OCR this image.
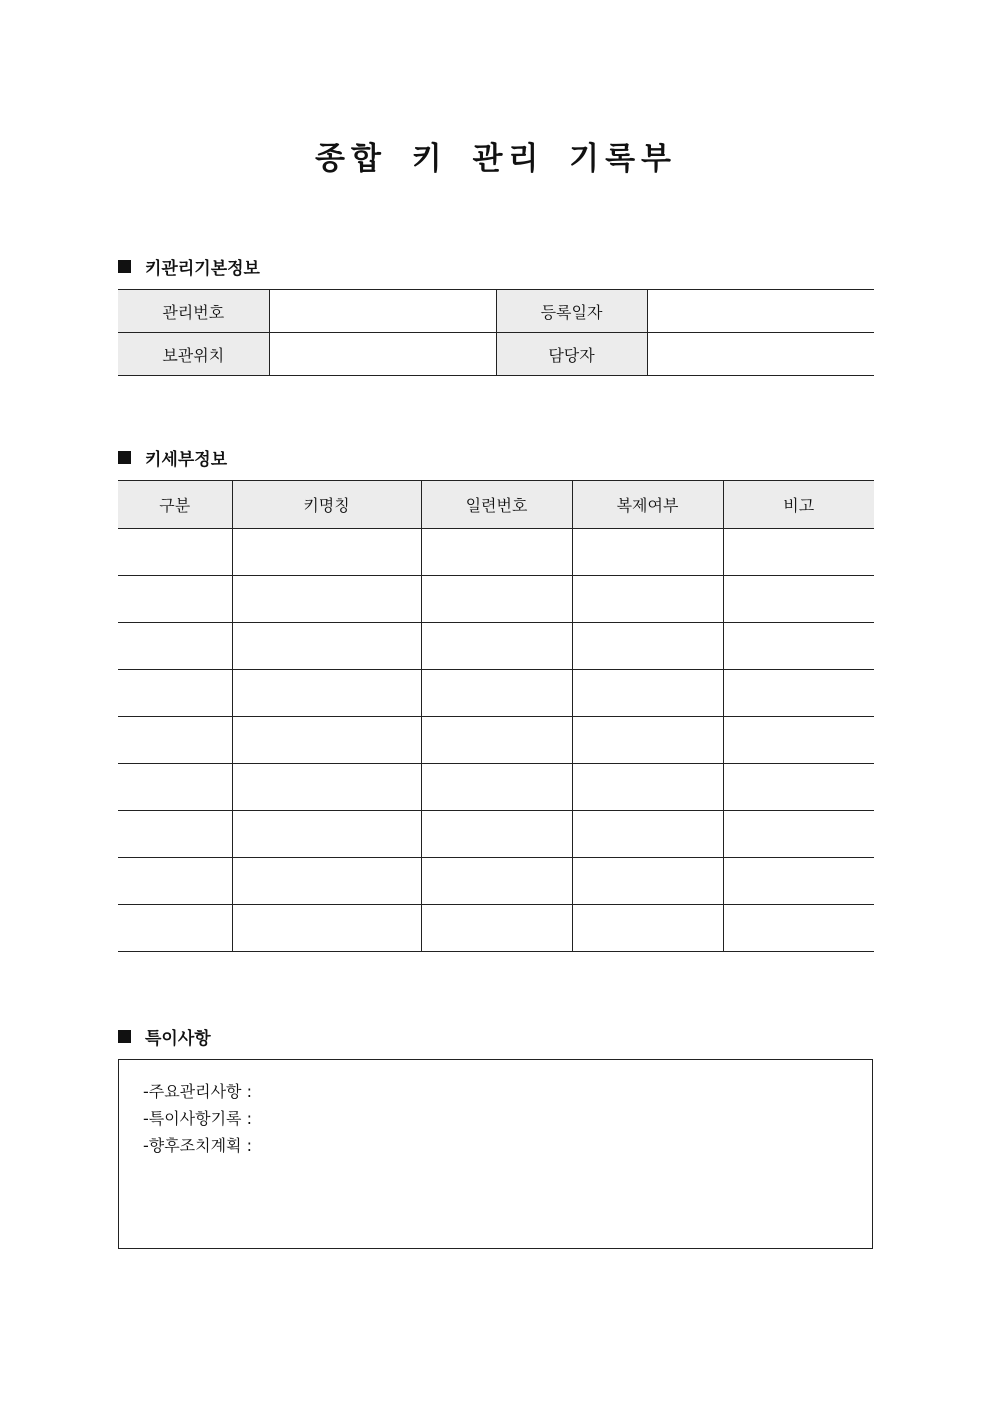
종합 키 관리 기록부
키관리기본정보
관리번호		등록일자	
보관위치		담당자	
키세부정보
구분	키명칭	일련번호	복제여부	비고

특이사항
-주요관리사항 :
-특이사항기록 :
-향후조치계획 :
